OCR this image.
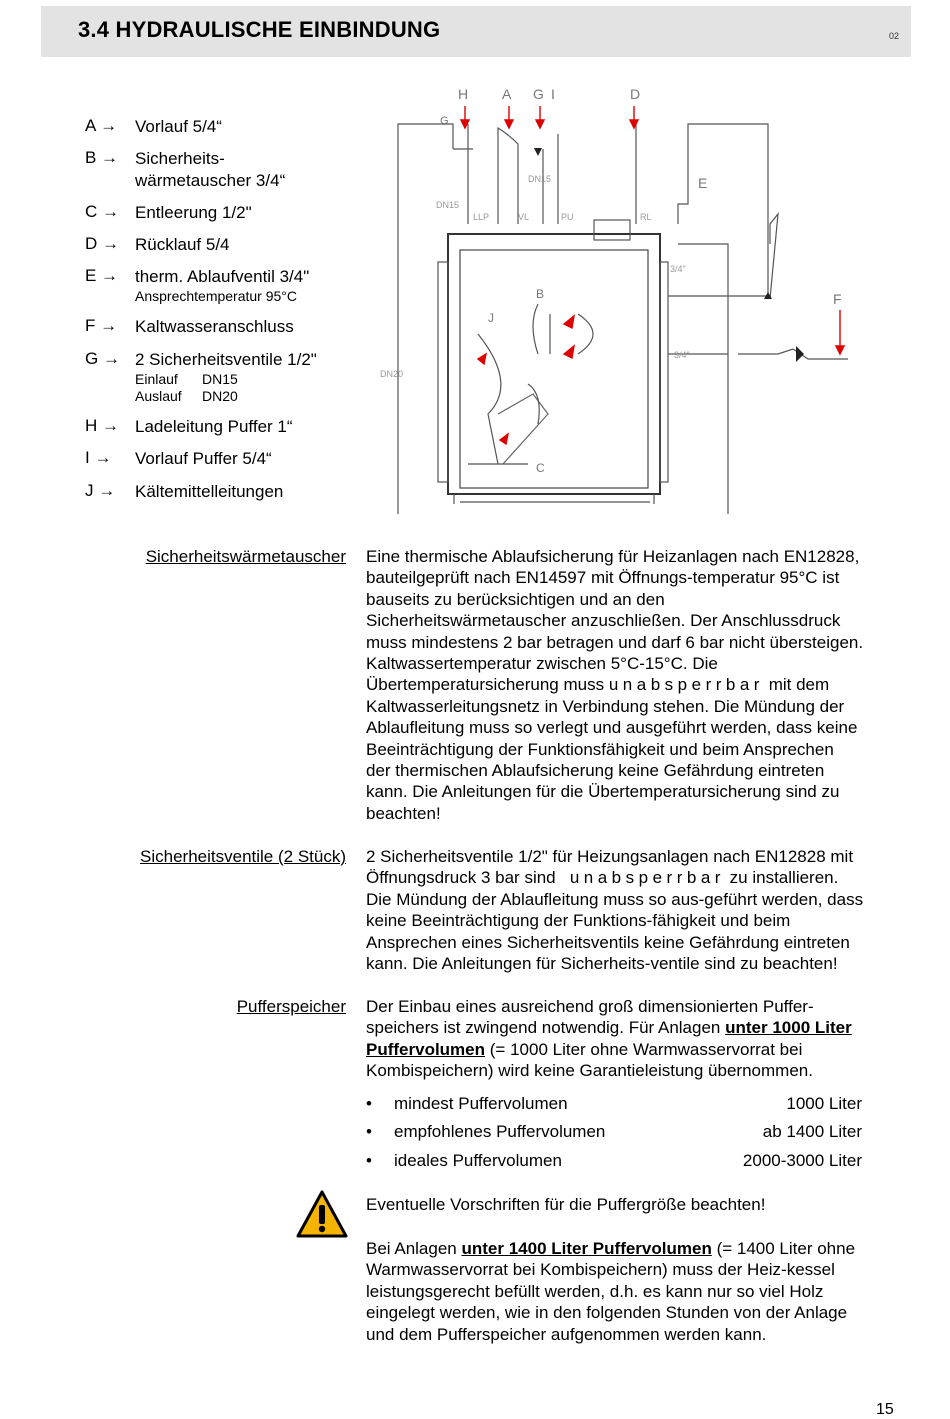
3.4 HYDRAULISCHE EINBINDUNG	02
A →	Vorlauf 5/4“
B → Sicherheits-
wärmetauscher 3/4“
C → Entleerung 1/2"
D → Rücklauf 5/4
E → therm. Ablaufventil 3/4"
Ansprechtemperatur 95°C
F →	Kaltwasseranschluss
G → 2 Sicherheitsventile 1/2"
Einlauf DN15
Auslauf DN20
H → Ladeleitung Puffer 1“
I →	Vorlauf Puffer 5/4“
J →	Kältemittelleitungen
H A G I	D
E
F
G
B
J
C
DN15
DN15
DN20
LLP	VL	PU	RL
3/4"
3/4"
Sicherheitswärmetauscher Eine thermische Ablaufsicherung für Heizanlagen nach EN12828,
bauteilgeprüft nach EN14597 mit Öffnungs-temperatur 95°C ist
bauseits zu berücksichtigen und an den
Sicherheitswärmetauscher anzuschließen. Der Anschlussdruck
muss mindestens 2 bar betragen und darf 6 bar nicht übersteigen.
Kaltwassertemperatur zwischen 5°C-15°C. Die
Übertemperatursicherung muss unabsperrbar mit dem
Kaltwasserleitungsnetz in Verbindung stehen. Die Mündung der
Ablaufleitung muss so verlegt und ausgeführt werden, dass keine
Beeinträchtigung der Funktionsfähigkeit und beim Ansprechen
der thermischen Ablaufsicherung keine Gefährdung eintreten
kann. Die Anleitungen für die Übertemperatursicherung sind zu
beachten!
Sicherheitsventile (2 Stück) 2 Sicherheitsventile 1/2" für Heizungsanlagen nach EN12828 mit
Öffnungsdruck 3 bar sind unabsperrbar zu installieren.
Die Mündung der Ablaufleitung muss so aus-geführt werden, dass
keine Beeinträchtigung der Funktions-fähigkeit und beim
Ansprechen eines Sicherheitsventils keine Gefährdung eintreten
kann. Die Anleitungen für Sicherheits-ventile sind zu beachten!
Pufferspeicher Der Einbau eines ausreichend groß dimensionierten Puffer-
speichers ist zwingend notwendig. Für Anlagen unter 1000 Liter
Puffervolumen (= 1000 Liter ohne Warmwasservorrat bei
Kombispeichern) wird keine Garantieleistung übernommen.
• mindest Puffervolumen	1000 Liter
• empfohlenes Puffervolumen	ab 1400 Liter
• ideales Puffervolumen	2000-3000 Liter
Eventuelle Vorschriften für die Puffergröße beachten!
Bei Anlagen unter 1400 Liter Puffervolumen (= 1400 Liter ohne
Warmwasservorrat bei Kombispeichern) muss der Heiz-kessel
leistungsgerecht befüllt werden, d.h. es kann nur so viel Holz
eingelegt werden, wie in den folgenden Stunden von der Anlage
und dem Pufferspeicher aufgenommen werden kann.
15
